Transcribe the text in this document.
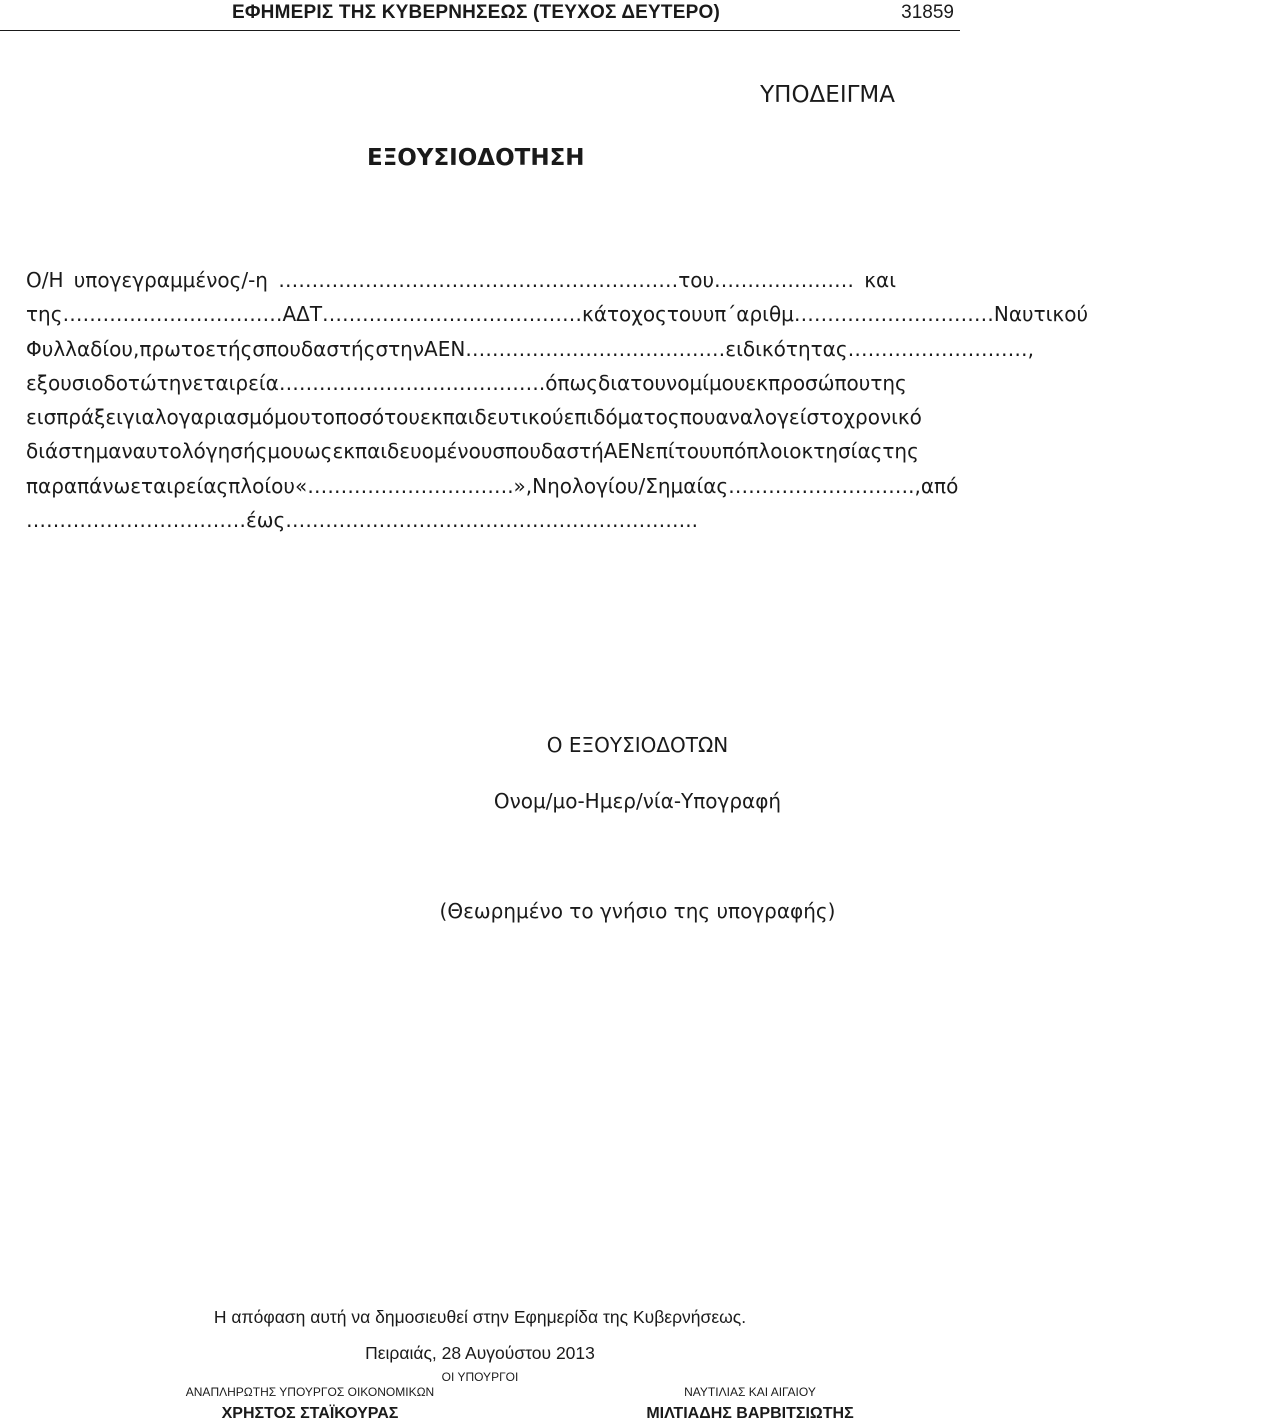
ΕΦΗΜΕΡΙΣ ΤΗΣ ΚΥΒΕΡΝΗΣΕΩΣ (ΤΕΥΧΟΣ ΔΕΥΤΕΡΟ)	31859
ΥΠΟΔΕΙΓΜΑ
ΕΞΟΥΣΙΟΔΟΤΗΣΗ
Ο/Η υπογεγραμμένος/-η ……………………………………………………του………………… και
της ……………………………ΑΔΤ…………………………………κάτοχος του υπ΄αριθμ…………………………Ναυτικού
Φυλλαδίου, πρωτοετής σπουδαστής στην ΑΕΝ…………………………………ειδικότητας………………………,
εξουσιοδοτώ την εταιρεία ………………………………….όπως δια του νομίμου εκπροσώπου της
εισπράξει για λογαριασμό μου το ποσό του εκπαιδευτικού επιδόματος που αναλογεί στο χρονικό
διάστημα ναυτολόγησής μου ως εκπαιδευομένου σπουδαστή ΑΕΝ επί του υπό πλοιοκτησίας της
παραπάνω εταιρείας πλοίου «………………………….», Νηολογίου/Σημαίας……………………….,από
……………………………έως……………………………………………………..
Ο ΕΞΟΥΣΙΟΔΟΤΩΝ
Ονομ/μο-Ημερ/νία-Υπογραφή
(Θεωρημένο το γνήσιο της υπογραφής)
Η απόφαση αυτή να δημοσιευθεί στην Εφημερίδα της Κυβερνήσεως.
Πειραιάς, 28 Αυγούστου 2013
ΟΙ ΥΠΟΥΡΓΟΙ
ΑΝΑΠΛΗΡΩΤΗΣ ΥΠΟΥΡΓΟΣ ΟΙΚΟΝΟΜΙΚΩΝ	ΝΑΥΤΙΛΙΑΣ ΚΑΙ ΑΙΓΑΙΟΥ
ΧΡΗΣΤΟΣ ΣΤΑΪΚΟΥΡΑΣ	ΜΙΛΤΙΑΔΗΣ ΒΑΡΒΙΤΣΙΩΤΗΣ
